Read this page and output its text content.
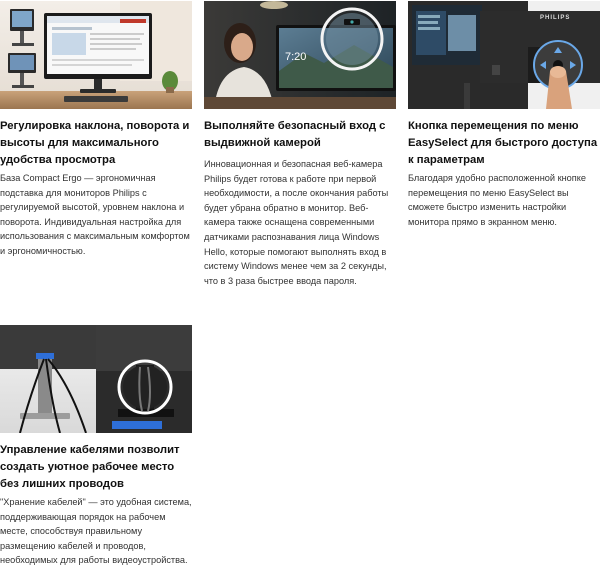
Регулировка наклона, поворота и высоты для максимального удобства просмотра

База Compact Ergo — эргономичная подставка для мониторов Philips с регулируемой высотой, уровнем наклона и поворота. Индивидуальная настройка для использования с максимальным комфортом и эргономичностью.

7:20
Выполняйте безопасный вход с выдвижной камерой

Инновационная и безопасная веб-камера Philips будет готова к работе при первой необходимости, а после окончания работы будет убрана обратно в монитор. Веб-камера также оснащена современными датчиками распознавания лица Windows Hello, которые помогают выполнять вход в систему Windows менее чем за 2 секунды, что в 3 раза быстрее ввода пароля.

PHILIPS
Кнопка перемещения по меню EasySelect для быстрого доступа к параметрам

Благодаря удобно расположенной кнопке перемещения по меню EasySelect вы сможете быстро изменить настройки монитора прямо в экранном меню.

Управление кабелями позволит создать уютное рабочее место без лишних проводов

"Хранение кабелей" — это удобная система, поддерживающая порядок на рабочем месте, способствуя правильному размещению кабелей и проводов, необходимых для работы видеоустройства.
